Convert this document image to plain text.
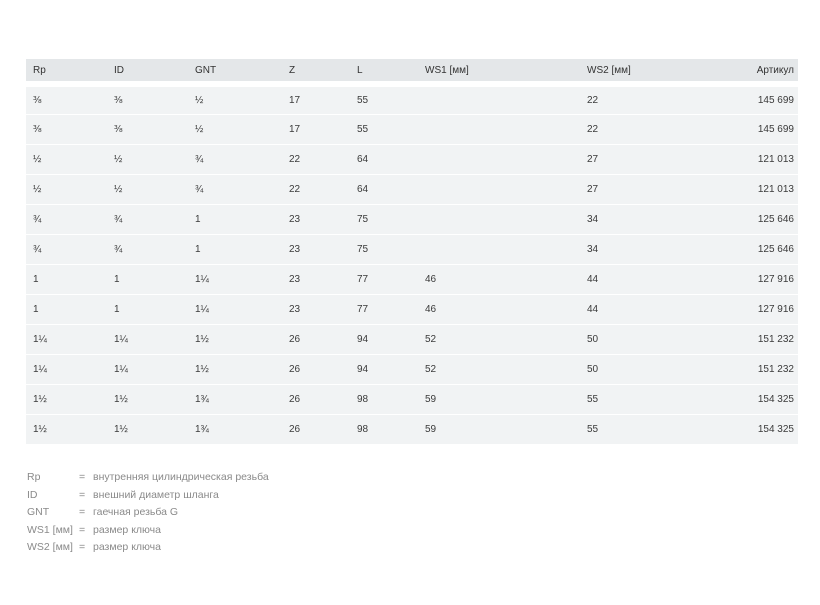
Rp	ID	GNT	Z	L	WS1 [мм]	WS2 [мм]	Артикул
⅜	⅜	½	17	55		22	145 699
⅜	⅜	½	17	55		22	145 699
½	½	¾	22	64		27	121 013
½	½	¾	22	64		27	121 013
¾	¾	1	23	75		34	125 646
¾	¾	1	23	75		34	125 646
1	1	1¼	23	77	46	44	127 916
1	1	1¼	23	77	46	44	127 916
1¼	1¼	1½	26	94	52	50	151 232
1¼	1¼	1½	26	94	52	50	151 232
1½	1½	1¾	26	98	59	55	154 325
1½	1½	1¾	26	98	59	55	154 325
Rp	= внутренняя цилиндрическая резьба
ID	= внешний диаметр шланга
GNT	= гаечная резьба G
WS1 [мм] = размер ключа
WS2 [мм] = размер ключа
